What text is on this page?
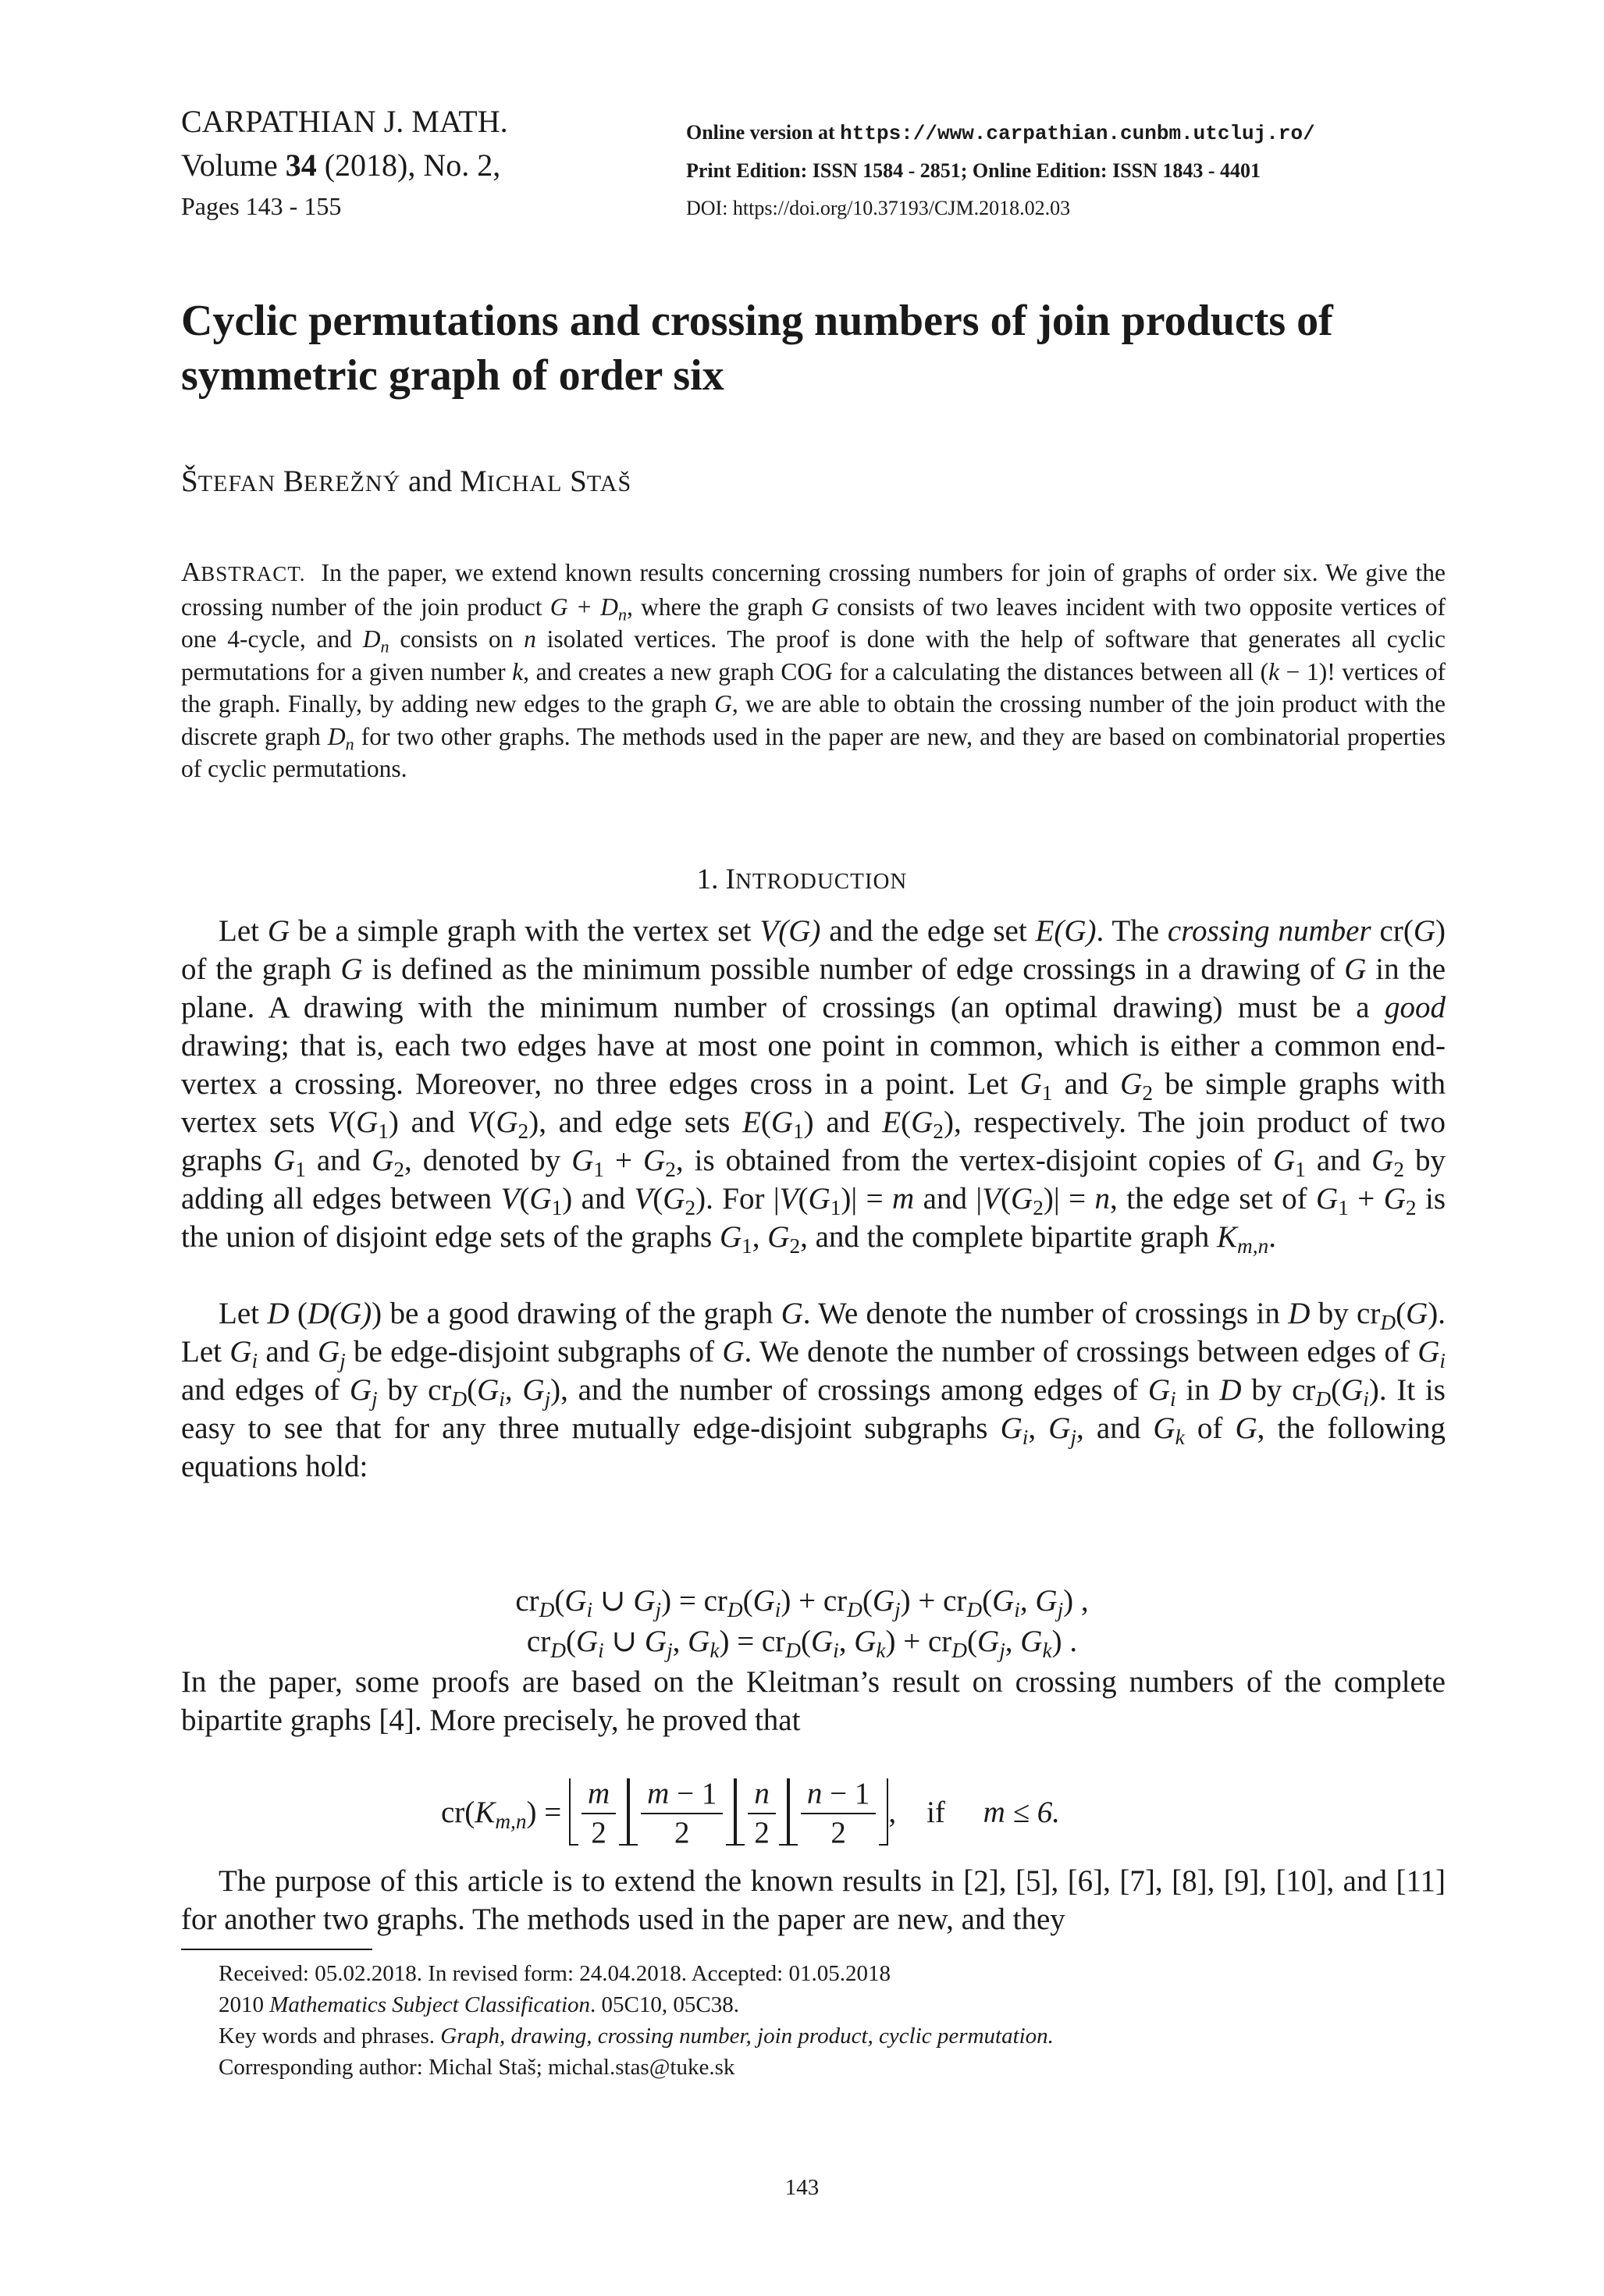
CARPATHIAN J. MATH.
Volume 34 (2018), No. 2,
Pages 143 - 155
Online version at https://www.carpathian.cunbm.utcluj.ro/
Print Edition: ISSN 1584 - 2851; Online Edition: ISSN 1843 - 4401
DOI: https://doi.org/10.37193/CJM.2018.02.03
Cyclic permutations and crossing numbers of join products of symmetric graph of order six
ŠTEFAN BEREŽNÝ and MICHAL STAŠ
ABSTRACT. In the paper, we extend known results concerning crossing numbers for join of graphs of order six. We give the crossing number of the join product $G + D_n$, where the graph G consists of two leaves incident with two opposite vertices of one 4-cycle, and $D_n$ consists on n isolated vertices. The proof is done with the help of software that generates all cyclic permutations for a given number k, and creates a new graph COG for a calculating the distances between all (k − 1)! vertices of the graph. Finally, by adding new edges to the graph G, we are able to obtain the crossing number of the join product with the discrete graph $D_n$ for two other graphs. The methods used in the paper are new, and they are based on combinatorial properties of cyclic permutations.
1. INTRODUCTION

Let G be a simple graph with the vertex set V(G) and the edge set E(G). The crossing number cr(G) of the graph G is defined as the minimum possible number of edge crossings in a drawing of G in the plane. A drawing with the minimum number of crossings (an optimal drawing) must be a good drawing; that is, each two edges have at most one point in common, which is either a common end-vertex a crossing. Moreover, no three edges cross in a point. Let $G_1$ and $G_2$ be simple graphs with vertex sets $V(G_1)$ and $V(G_2)$, and edge sets $E(G_1)$ and $E(G_2)$, respectively. The join product of two graphs $G_1$ and $G_2$, denoted by $G_1 + G_2$, is obtained from the vertex-disjoint copies of $G_1$ and $G_2$ by adding all edges between $V(G_1)$ and $V(G_2)$. For $|V(G_1)| = m$ and $|V(G_2)| = n$, the edge set of $G_1 + G_2$ is the union of disjoint edge sets of the graphs $G_1$, $G_2$, and the complete bipartite graph $K_{m,n}$.

Let D (D(G)) be a good drawing of the graph G. We denote the number of crossings in D by $cr_D(G)$. Let $G_i$ and $G_j$ be edge-disjoint subgraphs of G. We denote the number of crossings between edges of $G_i$ and edges of $G_j$ by $cr_D(G_i$, $G_j$), and the number of crossings among edges of $G_i$ in D by $cr_D(G_i)$. It is easy to see that for any three mutually edge-disjoint subgraphs $G_i$, $G_j$, and $G_k$ of G, the following equations hold:

$cr_D(G_i$ ∪ $G_j) = cr_D(G_i) + cr_D(G_j) + cr_D(G_i$, $G_j$) ,
$cr_D(G_i$ ∪ $G_j$, $G_k) = cr_D(G_i$, $G_k) + cr_D(G_j$, $G_k$) .

In the paper, some proofs are based on the Kleitman’s result on crossing numbers of the complete bipartite graphs [4]. More precisely, he proved that

$cr(K_{m,n}) = \frac{m}{2} \frac{m - 1}{2} \frac{n}{2} \frac{n - 1}{2}$ , if
m ≤ 6.

The purpose of this article is to extend the known results in [2], [5], [6], [7], [8], [9], [10], and [11] for another two graphs. The methods used in the paper are new, and they

Received: 05.02.2018. In revised form: 24.04.2018. Accepted: 01.05.2018
2010 Mathematics Subject Classification. 05C10, 05C38.
Key words and phrases. Graph, drawing, crossing number, join product, cyclic permutation.
Corresponding author: Michal Staš; michal.stas@tuke.sk
143
